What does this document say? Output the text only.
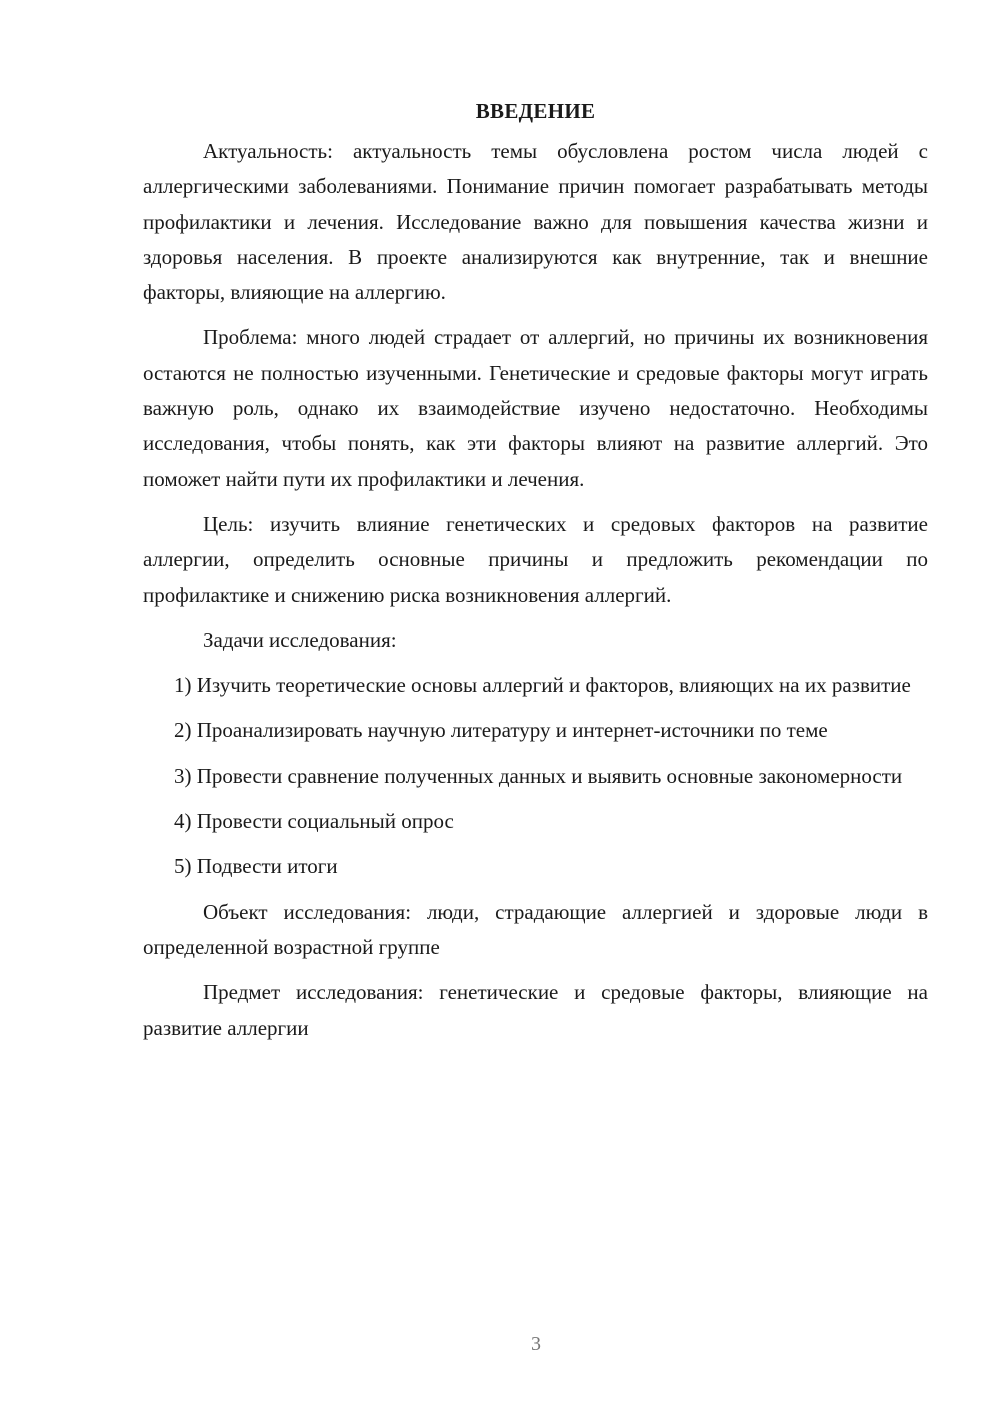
ВВЕДЕНИЕ

Актуальность: актуальность темы обусловлена ростом числа людей с аллергическими заболеваниями. Понимание причин помогает разрабатывать методы профилактики и лечения. Исследование важно для повышения качества жизни и здоровья населения. В проекте анализируются как внутренние, так и внешние факторы, влияющие на аллергию.

Проблема: много людей страдает от аллергий, но причины их возникновения остаются не полностью изученными. Генетические и средовые факторы могут играть важную роль, однако их взаимодействие изучено недостаточно. Необходимы исследования, чтобы понять, как эти факторы влияют на развитие аллергий. Это поможет найти пути их профилактики и лечения.

Цель: изучить влияние генетических и средовых факторов на развитие аллергии, определить основные причины и предложить рекомендации по профилактике и снижению риска возникновения аллергий.

Задачи исследования:

1) Изучить теоретические основы аллергий и факторов, влияющих на их развитие

2) Проанализировать научную литературу и интернет-источники по теме

3) Провести сравнение полученных данных и выявить основные закономерности

4) Провести социальный опрос

5) Подвести итоги

Объект исследования: люди, страдающие аллергией и здоровые люди в определенной возрастной группе

Предмет исследования: генетические и средовые факторы, влияющие на развитие аллергии

3
